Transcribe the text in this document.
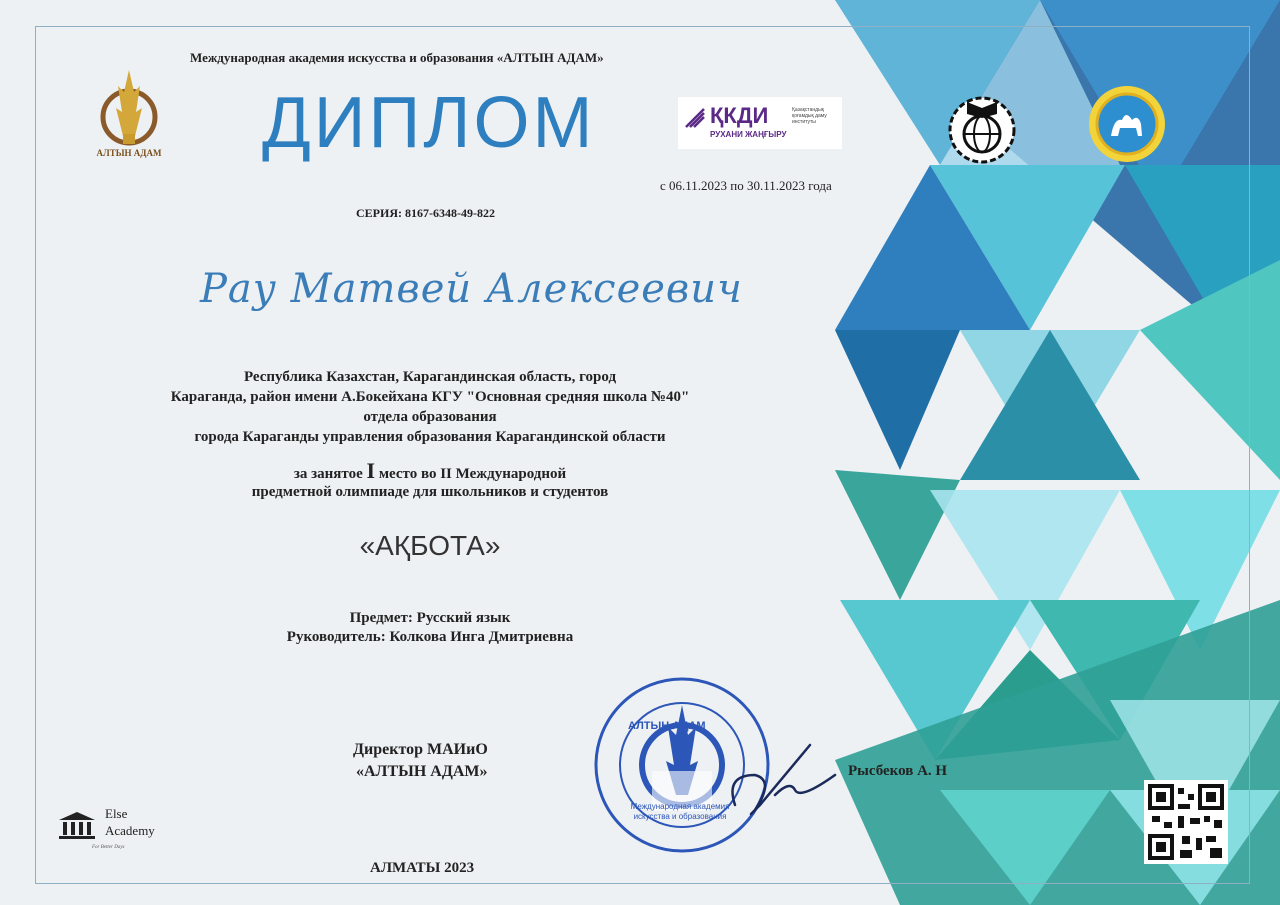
АЛТЫН АДАМ
Международная академия искусства и образования «АЛТЫН АДАМ»
ДИПЛОМ	ҚКДИ
РУХАНИ ЖАҢҒЫРУ
Қазақстандық қоғамдық даму институты
с 06.11.2023 по 30.11.2023 года
СЕРИЯ: 8167-6348-49-822
Рау Матвей Алексеевич
Республика Казахстан, Карагандинская область, город
Караганда, район имени А.Бокейхана КГУ "Основная средняя школа №40"
отдела образования
города Караганды управления образования Карагандинской области
за занятое I место во II Международной
предметной олимпиаде для школьников и студентов
«АҚБОТА»
Предмет: Русский язык
Руководитель: Колкова Инга Дмитриевна
Директор МАИиО
«АЛТЫН АДАМ»
АЛТЫН АДАМ
Международная академия искусства и образования
Рысбеков А. Н
АЛМАТЫ 2023
Else
Academy
For Better Days
